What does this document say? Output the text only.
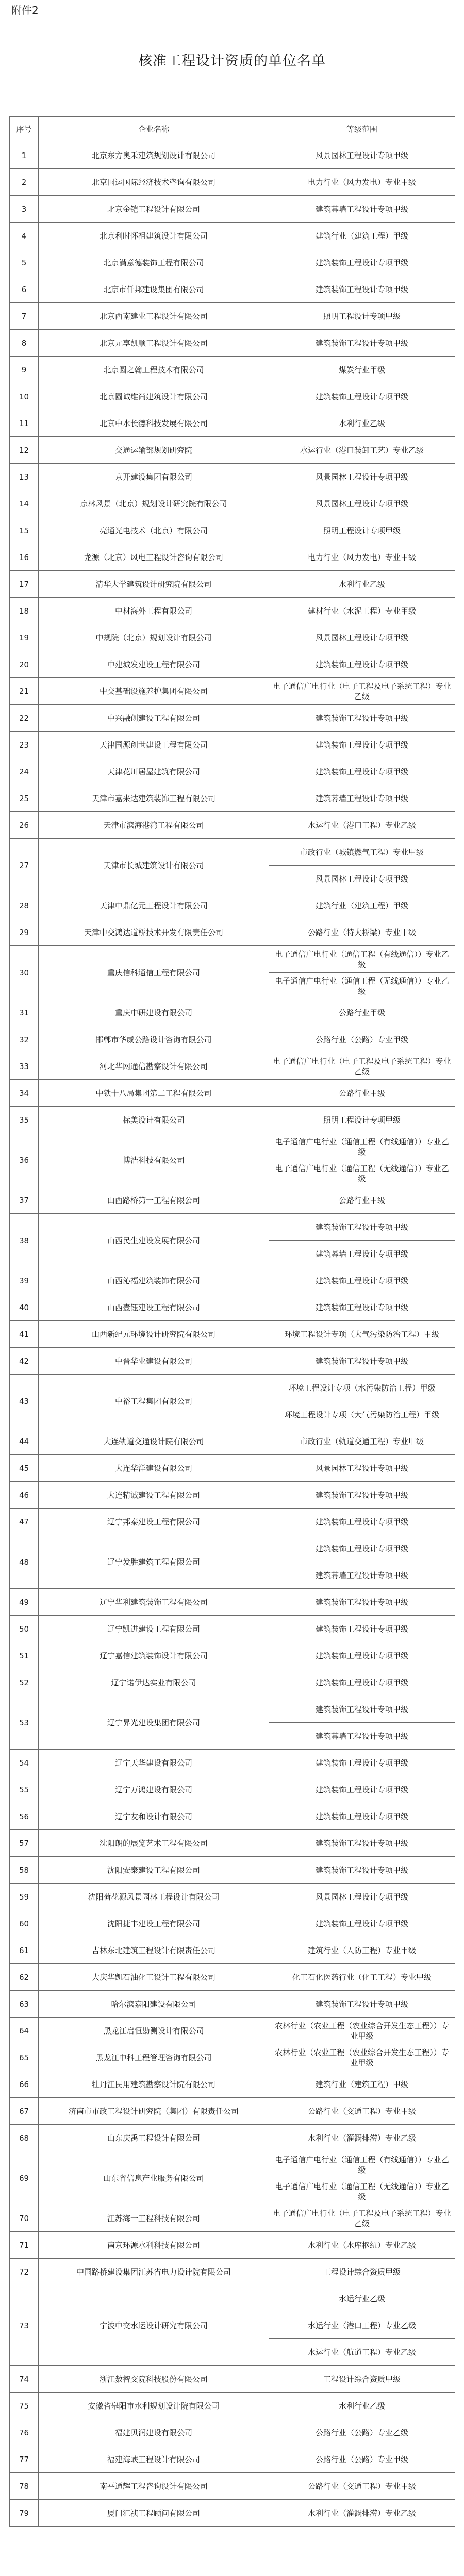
附件2
核准工程设计资质的单位名单
序号	企业名称	等级范围
1	北京东方奥禾建筑规划设计有限公司	风景园林工程设计专项甲级
2	北京国运国际经济技术咨询有限公司	电力行业（风力发电）专业甲级
3	北京金铠工程设计有限公司	建筑幕墙工程设计专项甲级
4	北京利时怀祖建筑设计有限公司	建筑行业（建筑工程）甲级
5	北京满意德装饰工程有限公司	建筑装饰工程设计专项甲级
6	北京市仟邦建设集团有限公司	建筑装饰工程设计专项甲级
7	北京西南建业工程设计有限公司	照明工程设计专项甲级
8	北京元享凯顺工程设计有限公司	建筑装饰工程设计专项甲级
9	北京圆之翰工程技术有限公司	煤炭行业甲级
10	北京圆诚维尚建筑设计有限公司	建筑装饰工程设计专项甲级
11	北京中水长德科技发展有限公司	水利行业乙级
12	交通运输部规划研究院	水运行业（港口装卸工艺）专业乙级
13	京开建设集团有限公司	风景园林工程设计专项甲级
14	京林风景（北京）规划设计研究院有限公司	风景园林工程设计专项甲级
15	亮通光电技术（北京）有限公司	照明工程设计专项甲级
16	龙源（北京）风电工程设计咨询有限公司	电力行业（风力发电）专业甲级
17	清华大学建筑设计研究院有限公司	水利行业乙级
18	中材海外工程有限公司	建材行业（水泥工程）专业甲级
19	中规院（北京）规划设计有限公司	风景园林工程设计专项甲级
20	中建城发建设工程有限公司	建筑装饰工程设计专项甲级
21	中交基础设施养护集团有限公司	电子通信广电行业（电子工程及电子系统工程）专业乙级
22	中兴融创建设工程有限公司	建筑装饰工程设计专项甲级
23	天津国源创世建设工程有限公司	建筑装饰工程设计专项甲级
24	天津花川居屋建筑有限公司	建筑装饰工程设计专项甲级
25	天津市嘉来达建筑装饰工程有限公司	建筑幕墙工程设计专项甲级
26	天津市滨海港湾工程有限公司	水运行业（港口工程）专业乙级
27	天津市长城建筑设计有限公司	市政行业（城镇燃气工程）专业甲级
		风景园林工程设计专项甲级
28	天津中鼎亿元工程设计有限公司	建筑行业（建筑工程）甲级
29	天津中交鸿达道桥技术开发有限责任公司	公路行业（特大桥梁）专业甲级
30	重庆信科通信工程有限公司	电子通信广电行业（通信工程（有线通信））专业乙级
		电子通信广电行业（通信工程（无线通信））专业乙级
31	重庆中研建设有限公司	公路行业甲级
32	邯郸市华威公路设计咨询有限公司	公路行业（公路）专业甲级
33	河北华网通信勘察设计有限公司	电子通信广电行业（电子工程及电子系统工程）专业乙级
34	中铁十八局集团第二工程有限公司	公路行业甲级
35	标美设计有限公司	照明工程设计专项甲级
36	博浩科技有限公司	电子通信广电行业（通信工程（有线通信））专业乙级
		电子通信广电行业（通信工程（无线通信））专业乙级
37	山西路桥第一工程有限公司	公路行业甲级
38	山西民生建设发展有限公司	建筑装饰工程设计专项甲级
		建筑幕墙工程设计专项甲级
39	山西沁福建筑装饰有限公司	建筑装饰工程设计专项甲级
40	山西壹钰建设工程有限公司	建筑装饰工程设计专项甲级
41	山西新纪元环境设计研究院有限公司	环境工程设计专项（大气污染防治工程）甲级
42	中晋华业建设有限公司	建筑装饰工程设计专项甲级
43	中裕工程集团有限公司	环境工程设计专项（水污染防治工程）甲级
		环境工程设计专项（大气污染防治工程）甲级
44	大连轨道交通设计院有限公司	市政行业（轨道交通工程）专业甲级
45	大连华洋建设有限公司	风景园林工程设计专项甲级
46	大连精诚建设工程有限公司	建筑装饰工程设计专项甲级
47	辽宁邦泰建设工程有限公司	建筑装饰工程设计专项甲级
48	辽宁发胜建筑工程有限公司	建筑装饰工程设计专项甲级
		建筑幕墙工程设计专项甲级
49	辽宁华利建筑装饰工程有限公司	建筑装饰工程设计专项甲级
50	辽宁凯进建设工程有限公司	建筑装饰工程设计专项甲级
51	辽宁嘉信建筑装饰设计有限公司	建筑装饰工程设计专项甲级
52	辽宁诺伊达实业有限公司	建筑装饰工程设计专项甲级
53	辽宁昇光建设集团有限公司	建筑装饰工程设计专项甲级
		建筑幕墙工程设计专项甲级
54	辽宁天华建设有限公司	建筑装饰工程设计专项甲级
55	辽宁万鸿建设有限公司	建筑装饰工程设计专项甲级
56	辽宁友和设计有限公司	建筑装饰工程设计专项甲级
57	沈阳朗的展览艺术工程有限公司	建筑装饰工程设计专项甲级
58	沈阳安泰建设工程有限公司	建筑装饰工程设计专项甲级
59	沈阳荷花源风景园林工程设计有限公司	风景园林工程设计专项甲级
60	沈阳捷丰建设工程有限公司	建筑装饰工程设计专项甲级
61	吉林东北建筑工程设计有限责任公司	建筑行业（人防工程）专业甲级
62	大庆华凯石油化工设计工程有限公司	化工石化医药行业（化工工程）专业甲级
63	哈尔滨嘉阳建设有限公司	建筑装饰工程设计专项甲级
64	黑龙江启恒勘测设计有限公司	农林行业（农业工程（农业综合开发生态工程））专业甲级
65	黑龙江中科工程管理咨询有限公司	农林行业（农业工程（农业综合开发生态工程））专业甲级
66	牡丹江民用建筑勘察设计院有限公司	建筑行业（建筑工程）甲级
67	济南市市政工程设计研究院（集团）有限责任公司	公路行业（交通工程）专业甲级
68	山东庆禹工程设计有限公司	水利行业（灌溉排涝）专业乙级
69	山东省信息产业服务有限公司	电子通信广电行业（通信工程（有线通信））专业乙级
		电子通信广电行业（通信工程（无线通信））专业乙级
70	江苏海一工程科技有限公司	电子通信广电行业（电子工程及电子系统工程）专业乙级
71	南京环源水利科技有限公司	水利行业（水库枢纽）专业乙级
72	中国路桥建设集团江苏省电力设计院有限公司	工程设计综合资质甲级
73	宁波中交水运设计研究有限公司	水运行业乙级
		水运行业（港口工程）专业乙级
		水运行业（航道工程）专业乙级
74	浙江数智交院科技股份有限公司	工程设计综合资质甲级
75	安徽省皋阳市水利规划设计院有限公司	水利行业乙级
76	福建贝润建设有限公司	公路行业（公路）专业乙级
77	福建海峡工程设计有限公司	公路行业（公路）专业甲级
78	南平通辉工程咨询设计有限公司	公路行业（交通工程）专业甲级
79	厦门汇祯工程顾问有限公司	水利行业（灌溉排涝）专业乙级
